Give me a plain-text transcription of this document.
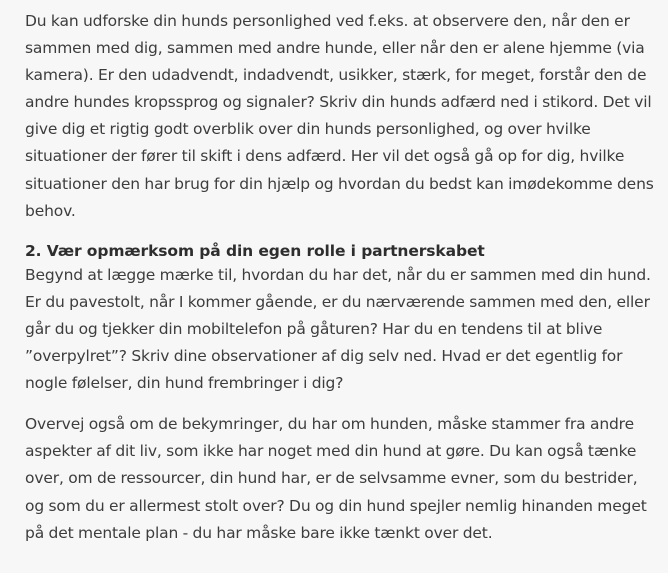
Du kan udforske din hunds personlighed ved f.eks. at observere den, når den er sammen med dig, sammen med andre hunde, eller når den er alene hjemme (via kamera). Er den udadvendt, indadvendt, usikker, stærk, for meget, forstår den de andre hundes kropssprog og signaler? Skriv din hunds adfærd ned i stikord. Det vil give dig et rigtig godt overblik over din hunds personlighed, og over hvilke situationer der fører til skift i dens adfærd. Her vil det også gå op for dig, hvilke situationer den har brug for din hjælp og hvordan du bedst kan imødekomme dens behov.

2. Vær opmærksom på din egen rolle i partnerskabet

Begynd at lægge mærke til, hvordan du har det, når du er sammen med din hund. Er du pavestolt, når I kommer gående, er du nærværende sammen med den, eller går du og tjekker din mobiltelefon på gåturen? Har du en tendens til at blive ”overpylret”? Skriv dine observationer af dig selv ned. Hvad er det egentlig for nogle følelser, din hund frembringer i dig?

Overvej også om de bekymringer, du har om hunden, måske stammer fra andre aspekter af dit liv, som ikke har noget med din hund at gøre. Du kan også tænke over, om de ressourcer, din hund har, er de selvsamme evner, som du bestrider, og som du er allermest stolt over? Du og din hund spejler nemlig hinanden meget på det mentale plan - du har måske bare ikke tænkt over det.
